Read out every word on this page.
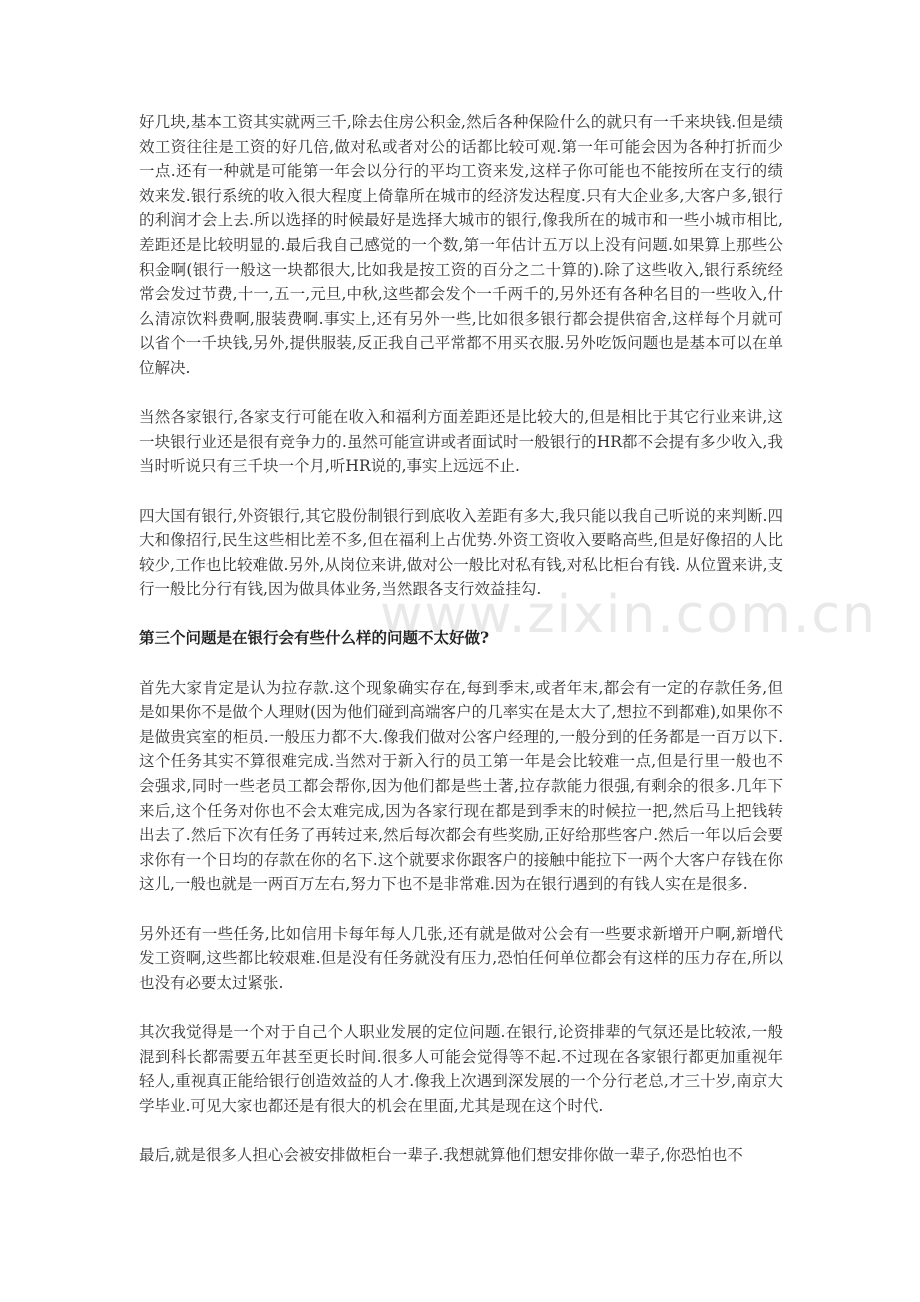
www.zixin.com.cn

好几块,基本工资其实就两三千,除去住房公积金,然后各种保险什么的就只有一千来块钱.但是绩效工资往往是工资的好几倍,做对私或者对公的话都比较可观.第一年可能会因为各种打折而少一点.还有一种就是可能第一年会以分行的平均工资来发,这样子你可能也不能按所在支行的绩效来发.银行系统的收入很大程度上倚靠所在城市的经济发达程度.只有大企业多,大客户多,银行的利润才会上去.所以选择的时候最好是选择大城市的银行,像我所在的城市和一些小城市相比,差距还是比较明显的.最后我自己感觉的一个数,第一年估计五万以上没有问题.如果算上那些公积金啊(银行一般这一块都很大,比如我是按工资的百分之二十算的).除了这些收入,银行系统经常会发过节费,十一,五一,元旦,中秋,这些都会发个一千两千的,另外还有各种名目的一些收入,什么清凉饮料费啊,服装费啊.事实上,还有另外一些,比如很多银行都会提供宿舍,这样每个月就可以省个一千块钱,另外,提供服装,反正我自己平常都不用买衣服.另外吃饭问题也是基本可以在单位解决.

当然各家银行,各家支行可能在收入和福利方面差距还是比较大的,但是相比于其它行业来讲,这一块银行业还是很有竞争力的.虽然可能宣讲或者面试时一般银行的HR都不会提有多少收入,我当时听说只有三千块一个月,听HR说的,事实上远远不止.

四大国有银行,外资银行,其它股份制银行到底收入差距有多大,我只能以我自己听说的来判断.四大和像招行,民生这些相比差不多,但在福利上占优势.外资工资收入要略高些,但是好像招的人比较少,工作也比较难做.另外,从岗位来讲,做对公一般比对私有钱,对私比柜台有钱. 从位置来讲,支行一般比分行有钱,因为做具体业务,当然跟各支行效益挂勾.

第三个问题是在银行会有些什么样的问题不太好做?

首先大家肯定是认为拉存款.这个现象确实存在,每到季末,或者年末,都会有一定的存款任务,但是如果你不是做个人理财(因为他们碰到高端客户的几率实在是太大了,想拉不到都难),如果你不是做贵宾室的柜员.一般压力都不大.像我们做对公客户经理的,一般分到的任务都是一百万以下.这个任务其实不算很难完成.当然对于新入行的员工第一年是会比较难一点,但是行里一般也不会强求,同时一些老员工都会帮你,因为他们都是些土著,拉存款能力很强,有剩余的很多.几年下来后,这个任务对你也不会太难完成,因为各家行现在都是到季末的时候拉一把,然后马上把钱转出去了.然后下次有任务了再转过来,然后每次都会有些奖励,正好给那些客户.然后一年以后会要求你有一个日均的存款在你的名下.这个就要求你跟客户的接触中能拉下一两个大客户存钱在你这儿,一般也就是一两百万左右,努力下也不是非常难.因为在银行遇到的有钱人实在是很多.

另外还有一些任务,比如信用卡每年每人几张,还有就是做对公会有一些要求新增开户啊,新增代发工资啊,这些都比较艰难.但是没有任务就没有压力,恐怕任何单位都会有这样的压力存在,所以也没有必要太过紧张.

其次我觉得是一个对于自己个人职业发展的定位问题.在银行,论资排辈的气氛还是比较浓,一般混到科长都需要五年甚至更长时间.很多人可能会觉得等不起.不过现在各家银行都更加重视年轻人,重视真正能给银行创造效益的人才.像我上次遇到深发展的一个分行老总,才三十岁,南京大学毕业.可见大家也都还是有很大的机会在里面,尤其是现在这个时代.

最后,就是很多人担心会被安排做柜台一辈子.我想就算他们想安排你做一辈子,你恐怕也不
